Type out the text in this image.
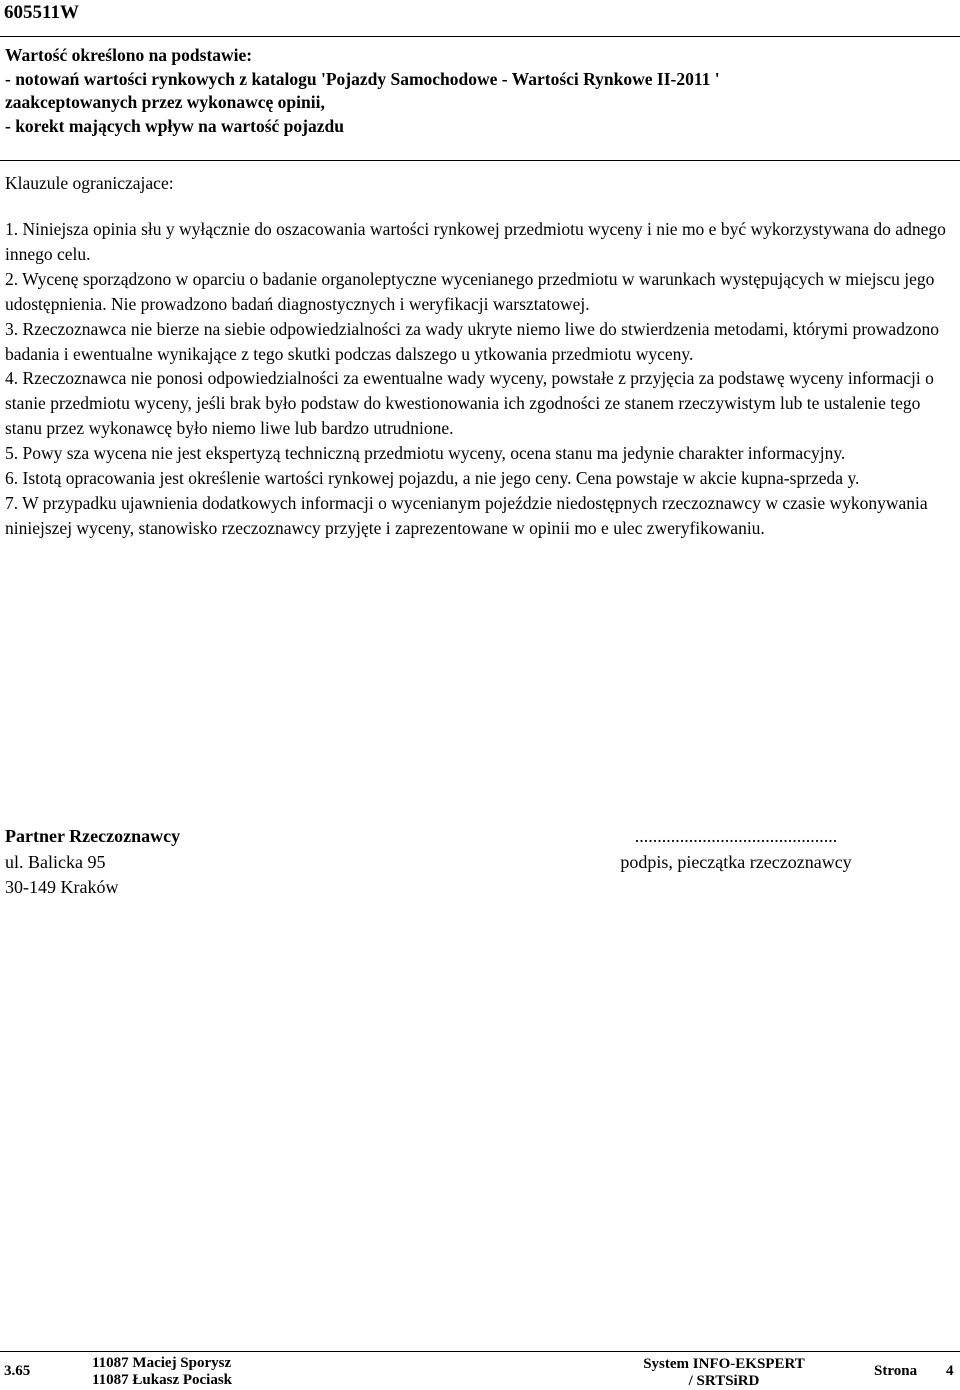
605511W
Wartość określono na podstawie:
- notowań wartości rynkowych z katalogu 'Pojazdy Samochodowe - Wartości Rynkowe II-2011 '
zaakceptowanych przez wykonawcę opinii,
- korekt mających wpływ na wartość pojazdu
Klauzule ograniczajace:

1. Niniejsza opinia słu y wyłącznie do oszacowania wartości rynkowej przedmiotu wyceny i nie mo e być wykorzystywana do adnego innego celu.

2. Wycenę sporządzono w oparciu o badanie organoleptyczne wycenianego przedmiotu w warunkach występujących w miejscu jego udostępnienia. Nie prowadzono badań diagnostycznych i weryfikacji warsztatowej.

3. Rzeczoznawca nie bierze na siebie odpowiedzialności za wady ukryte niemo liwe do stwierdzenia metodami, którymi prowadzono badania i ewentualne wynikające z tego skutki podczas dalszego u ytkowania przedmiotu wyceny.

4. Rzeczoznawca nie ponosi odpowiedzialności za ewentualne wady wyceny, powstałe z przyjęcia za podstawę wyceny informacji o stanie przedmiotu wyceny, jeśli brak było podstaw do kwestionowania ich zgodności ze stanem rzeczywistym lub te ustalenie tego stanu przez wykonawcę było niemo liwe lub bardzo utrudnione.

5. Powy sza wycena nie jest ekspertyzą techniczną przedmiotu wyceny, ocena stanu ma jedynie charakter informacyjny.

6. Istotą opracowania jest określenie wartości rynkowej pojazdu, a nie jego ceny. Cena powstaje w akcie kupna-sprzeda y.

7. W przypadku ujawnienia dodatkowych informacji o wycenianym pojeździe niedostępnych rzeczoznawcy w czasie wykonywania niniejszej wyceny, stanowisko rzeczoznawcy przyjęte i zaprezentowane w opinii mo e ulec zweryfikowaniu.

Partner Rzeczoznawcy
ul. Balicka 95
30-149 Kraków
.............................................
podpis, pieczątka rzeczoznawcy
3.65	11087 Maciej Sporysz
11087 Łukasz Pociask
System INFO-EKSPERT
/ SRTSiRD
Strona 4
